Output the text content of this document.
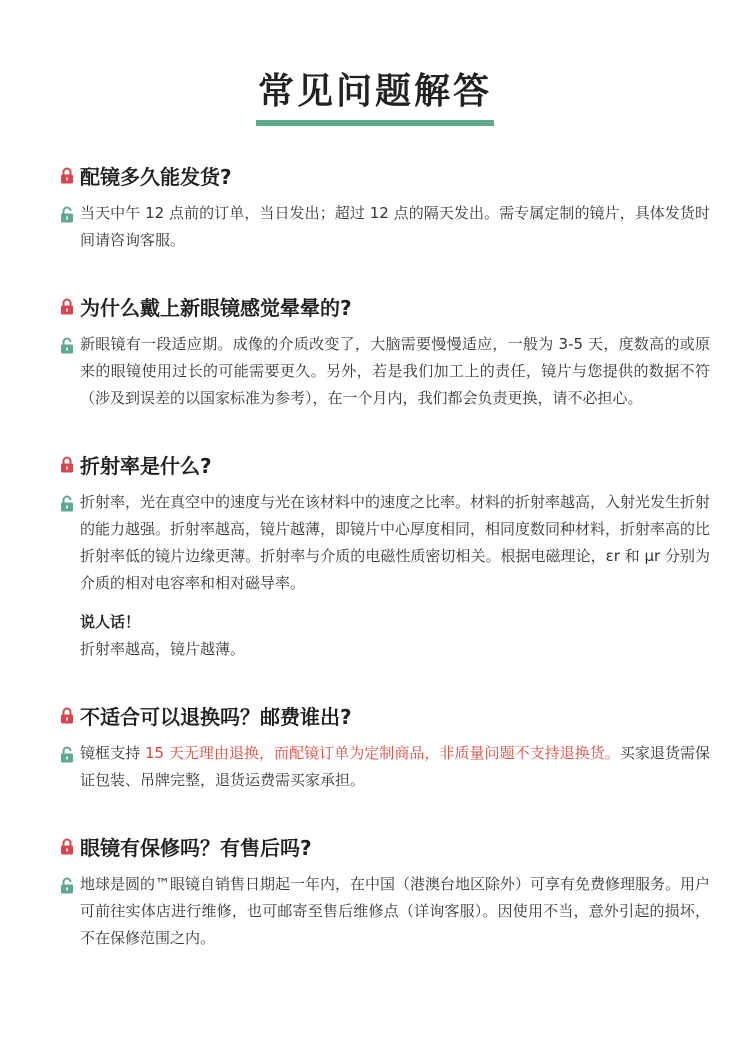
常见问题解答
配镜多久能发货?

当天中午 12 点前的订单，当日发出；超过 12 点的隔天发出。需专属定制的镜片，具体发货时间请咨询客服。

为什么戴上新眼镜感觉晕晕的?

新眼镜有一段适应期。成像的介质改变了，大脑需要慢慢适应，一般为 3-5 天，度数高的或原来的眼镜使用过长的可能需要更久。另外，若是我们加工上的责任，镜片与您提供的数据不符（涉及到误差的以国家标准为参考），在一个月内，我们都会负责更换，请不必担心。

折射率是什么?

折射率，光在真空中的速度与光在该材料中的速度之比率。材料的折射率越高，入射光发生折射的能力越强。折射率越高，镜片越薄，即镜片中心厚度相同，相同度数同种材料，折射率高的比折射率低的镜片边缘更薄。折射率与介质的电磁性质密切相关。根据电磁理论，εr 和 μr 分别为介质的相对电容率和相对磁导率。

说人话！
折射率越高，镜片越薄。
不适合可以退换吗？邮费谁出?

镜框支持 15 天无理由退换，而配镜订单为定制商品，非质量问题不支持退换货。买家退货需保证包装、吊牌完整，退货运费需买家承担。

眼镜有保修吗？有售后吗?

地球是圆的™眼镜自销售日期起一年内，在中国（港澳台地区除外）可享有免费修理服务。用户可前往实体店进行维修，也可邮寄至售后维修点（详询客服）。因使用不当，意外引起的损坏，不在保修范围之内。
